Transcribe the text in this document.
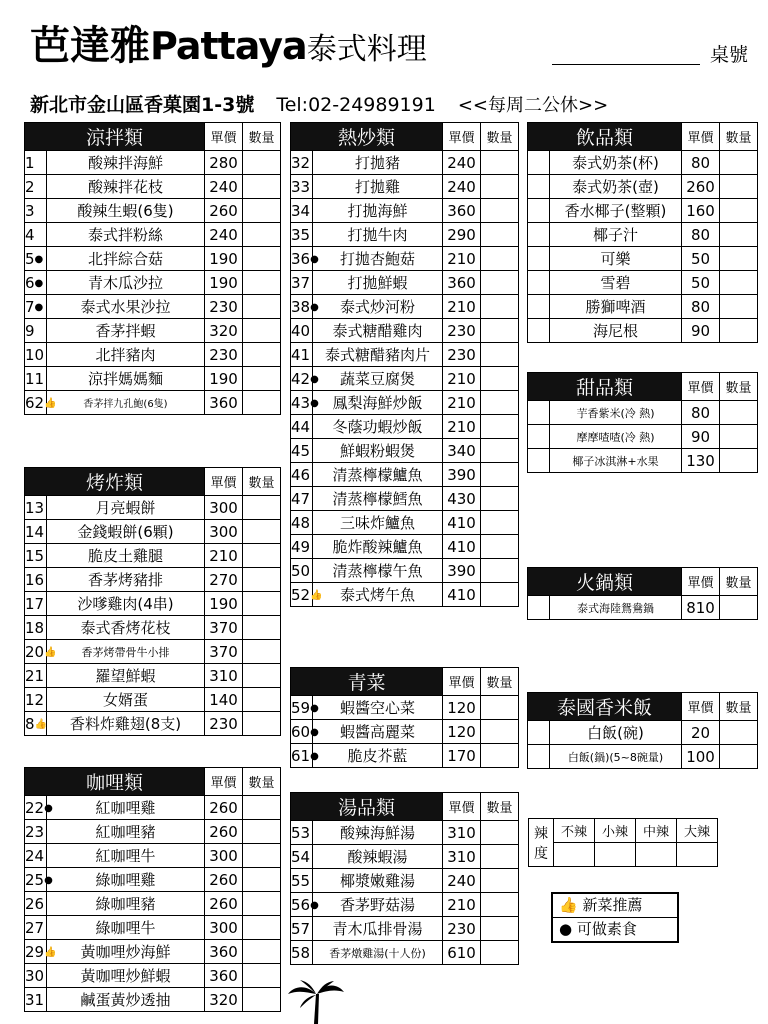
芭達雅Pattaya泰式料理	桌號
新北市金山區香菓園1-3號 Tel:02-24989191 <<每周二公休>>
涼拌類		單價	數量
1	酸辣拌海鮮	280	
2	酸辣拌花枝	240	
3	酸辣生蝦(6隻)	260	
4	泰式拌粉絲	240	
5●	北拌綜合菇	190	
6●	青木瓜沙拉	190	
7●	泰式水果沙拉	230	
9	香茅拌蝦	320	
10	北拌豬肉	230	
11	涼拌媽媽麵	190	
62👍	香茅拌九孔鮑(6隻)	360	
烤炸類		單價	數量
13	月亮蝦餅	300	
14	金錢蝦餅(6顆)	300	
15	脆皮土雞腿	210	
16	香茅烤豬排	270	
17	沙嗲雞肉(4串)	190	
18	泰式香烤花枝	370	
20👍	香茅烤帶骨牛小排	370	
21	羅望鮮蝦	310	
12	女婿蛋	140	
8👍	香料炸雞翅(8支)	230	
咖哩類		單價	數量
22●	紅咖哩雞	260	
23	紅咖哩豬	260	
24	紅咖哩牛	300	
25●	綠咖哩雞	260	
26	綠咖哩豬	260	
27	綠咖哩牛	300	
29👍	黃咖哩炒海鮮	360	
30	黃咖哩炒鮮蝦	360	
31	鹹蛋黃炒透抽	320	
熱炒類		單價	數量
32	打拋豬	240	
33	打拋雞	240	
34	打拋海鮮	360	
35	打拋牛肉	290	
36●	打拋杏鮑菇	210	
37	打拋鮮蝦	360	
38●	泰式炒河粉	210	
40	泰式糖醋雞肉	230	
41	泰式糖醋豬肉片	230	
42●	蔬菜豆腐煲	210	
43●	鳳梨海鮮炒飯	210	
44	冬蔭功蝦炒飯	210	
45	鮮蝦粉蝦煲	340	
46	清蒸檸檬鱸魚	390	
47	清蒸檸檬鱈魚	430	
48	三味炸鱸魚	410	
49	脆炸酸辣鱸魚	410	
50	清蒸檸檬午魚	390	
52👍	泰式烤午魚	410	
青菜		單價	數量
59●	蝦醬空心菜	120	
60●	蝦醬高麗菜	120	
61●	脆皮芥藍	170	
湯品類		單價	數量
53	酸辣海鮮湯	310	
54	酸辣蝦湯	310	
55	椰漿嫩雞湯	240	
56●	香茅野菇湯	210	
57	青木瓜排骨湯	230	
58	香茅燉雞湯(十人份)	610	
飲品類		單價	數量
	泰式奶茶(杯)	80	
	泰式奶茶(壺)	260	
	香水椰子(整顆)	160	
	椰子汁	80	
	可樂	50	
	雪碧	50	
	勝獅啤酒	80	
	海尼根	90	
甜品類		單價	數量
	芋香紫米(冷 熱)	80	
	摩摩喳喳(冷 熱)	90	
	椰子冰淇淋+水果	130	
火鍋類		單價	數量
	泰式海陸鴛鴦鍋	810	
泰國香米飯		單價	數量
	白飯(碗)	20	
	白飯(鍋)(5~8碗量)	100	
辣度	不辣	小辣	中辣	大辣

👍 新菜推薦
● 可做素食
